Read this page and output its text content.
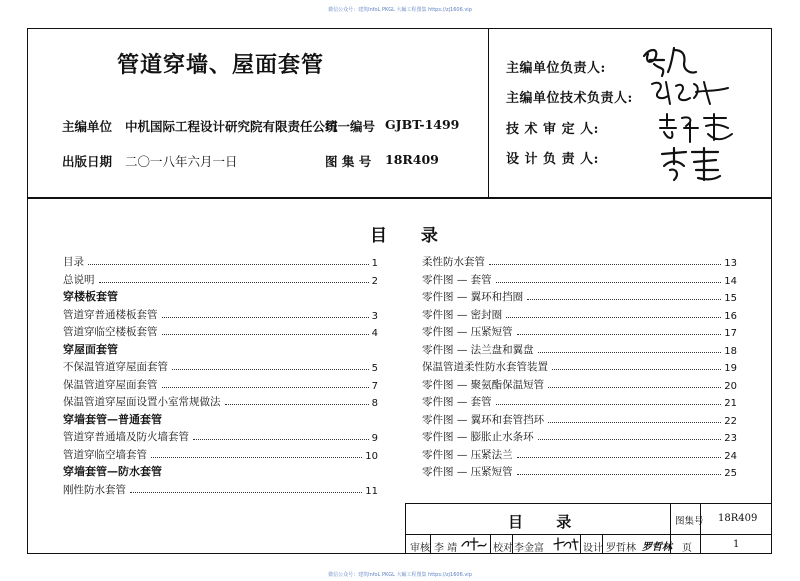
微信公众号：建筑InfoL PKGL 大蛹工程图集 https://zj1606.vip
管道穿墙、屋面套管
主编单位 中机国际工程设计研究院有限责任公司
统一编号 GJBT-1499
出版日期 二〇一八年六月一日	图 集 号 18R409
主编单位负责人:
主编单位技术负责人:
技 术 审 定 人:
设 计 负 责 人:
目 录
目录	1
总说明	2
穿楼板套管
管道穿普通楼板套管	3
管道穿临空楼板套管	4
穿屋面套管
不保温管道穿屋面套管	5
保温管道穿屋面套管	7
保温管道穿屋面设置小室常规做法	8
穿墙套管—普通套管
管道穿普通墙及防火墙套管	9
管道穿临空墙套管	10
穿墙套管—防水套管
刚性防水套管	11
柔性防水套管	13
零件图 — 套管	14
零件图 — 翼环和挡圈	15
零件图 — 密封圈	16
零件图 — 压紧短管	17
零件图 — 法兰盘和翼盘	18
保温管道柔性防水套管装置	19
零件图 — 聚氨酯保温短管	20
零件图 — 套管	21
零件图 — 翼环和套管挡环	22
零件图 — 膨胀止水条环	23
零件图 — 压紧法兰	24
零件图 — 压紧短管	25
目 录	图集号 18R409
审核 李 靖	校对 李金富	设计 罗哲林 罗哲林 页	1
微信公众号：建筑InfoL PKGL 大蛹工程图集 https://zj1606.vip
